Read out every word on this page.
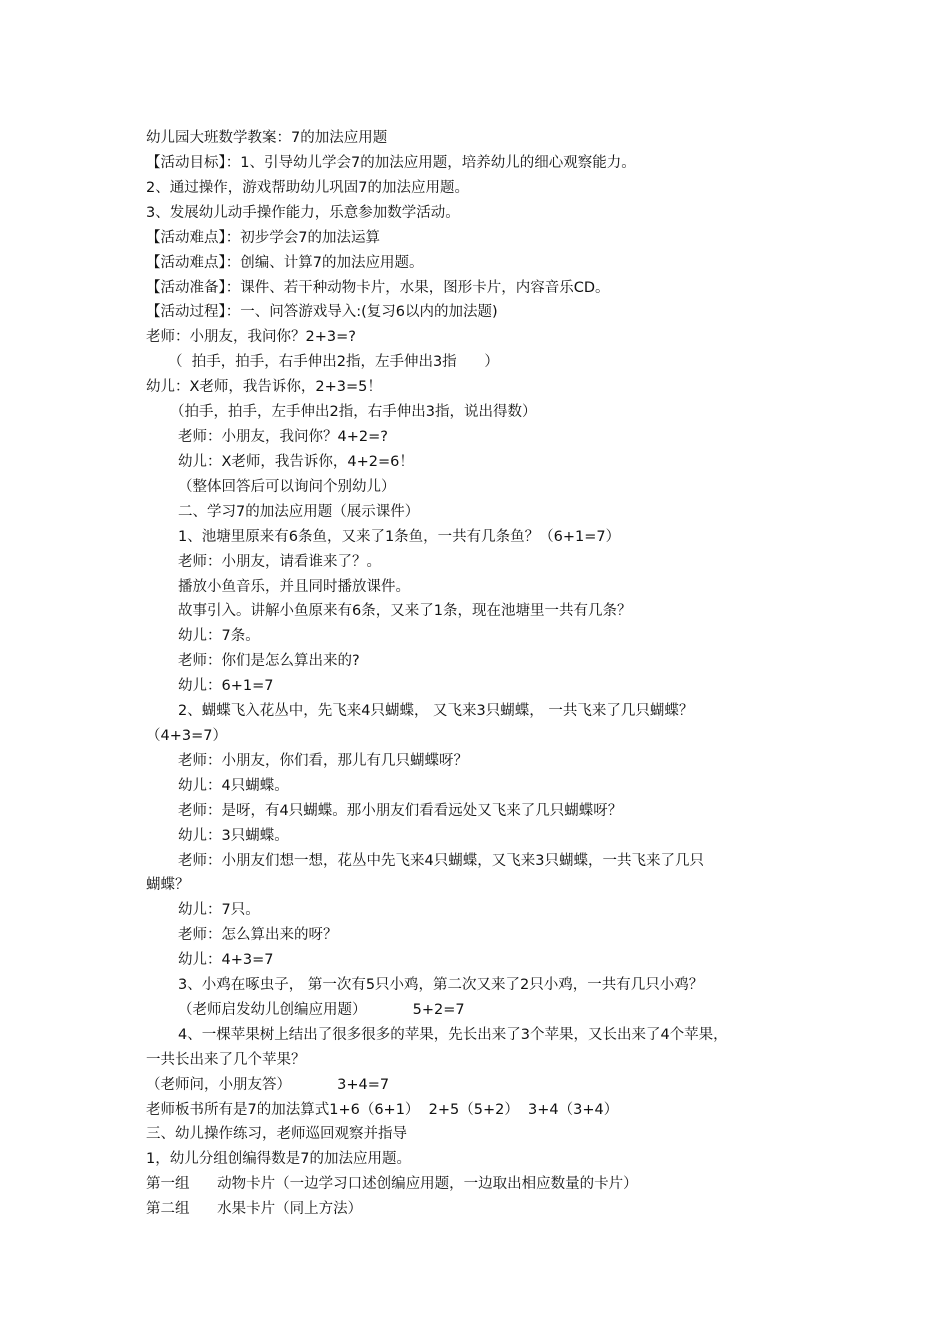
幼儿园大班数学教案：7的加法应用题
【活动目标】：1、引导幼儿学会7的加法应用题，培养幼儿的细心观察能力。
2、通过操作，游戏帮助幼儿巩固7的加法应用题。
3、发展幼儿动手操作能力，乐意参加数学活动。
【活动难点】：初步学会7的加法运算
【活动难点】：创编、计算7的加法应用题。
【活动准备】：课件、若干种动物卡片，水果，图形卡片，内容音乐CD。
【活动过程】：一、问答游戏导入:(复习6以内的加法题)
老师：小朋友，我问你？2+3=?
（  拍手，拍手，右手伸出2指，左手伸出3指      ）
幼儿：X老师，我告诉你，2+3=5！
（拍手，拍手，左手伸出2指，右手伸出3指，说出得数）
老师：小朋友，我问你？4+2=?
幼儿：X老师，我告诉你，4+2=6！
（整体回答后可以询问个别幼儿）
二、学习7的加法应用题（展示课件）
1、池塘里原来有6条鱼，又来了1条鱼，一共有几条鱼？（6+1=7）
老师：小朋友，请看谁来了？。
播放小鱼音乐，并且同时播放课件。
故事引入。讲解小鱼原来有6条，又来了1条，现在池塘里一共有几条？
幼儿：7条。
老师：你们是怎么算出来的?
幼儿：6+1=7
2、蝴蝶飞入花丛中，先飞来4只蝴蝶， 又飞来3只蝴蝶， 一共飞来了几只蝴蝶？
（4+3=7）
老师：小朋友，你们看，那儿有几只蝴蝶呀？
幼儿：4只蝴蝶。
老师：是呀，有4只蝴蝶。那小朋友们看看远处又飞来了几只蝴蝶呀？
幼儿：3只蝴蝶。
老师：小朋友们想一想，花丛中先飞来4只蝴蝶，又飞来3只蝴蝶，一共飞来了几只
蝴蝶？
幼儿：7只。
老师：怎么算出来的呀？
幼儿：4+3=7
3、小鸡在啄虫子， 第一次有5只小鸡，第二次又来了2只小鸡，一共有几只小鸡？
（老师启发幼儿创编应用题）          5+2=7
4、一棵苹果树上结出了很多很多的苹果，先长出来了3个苹果，又长出来了4个苹果，
一共长出来了几个苹果？
（老师问，小朋友答）          3+4=7
老师板书所有是7的加法算式1+6（6+1）  2+5（5+2）  3+4（3+4）
三、幼儿操作练习，老师巡回观察并指导
1，幼儿分组创编得数是7的加法应用题。
第一组      动物卡片（一边学习口述创编应用题，一边取出相应数量的卡片）
第二组      水果卡片（同上方法）
